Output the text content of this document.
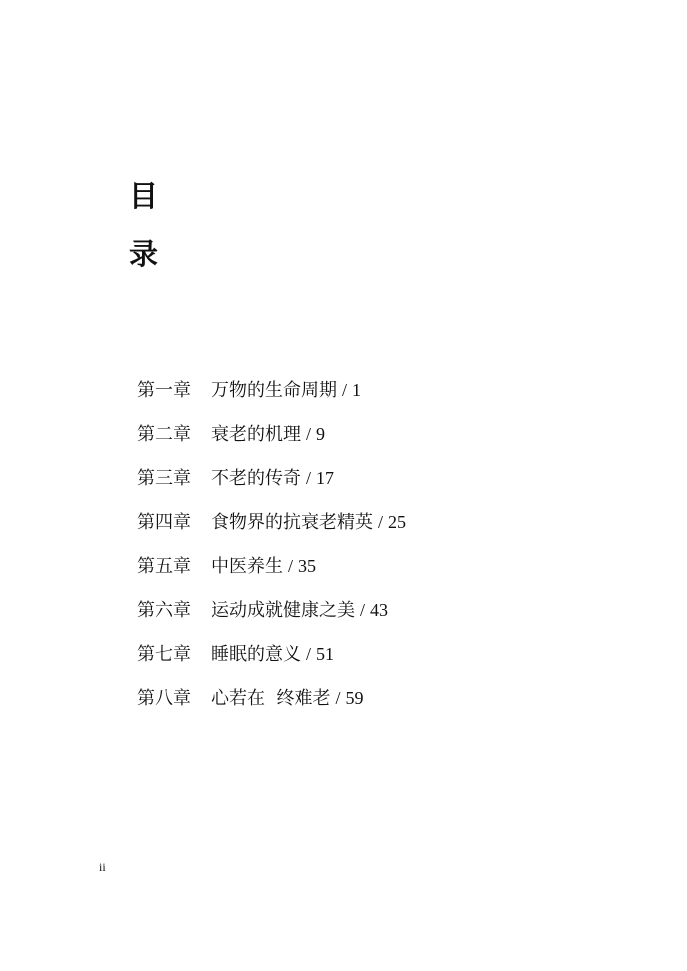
目
录
第一章	万物的生命周期 / 1
第二章	衰老的机理 / 9
第三章	不老的传奇 / 17
第四章	食物界的抗衰老精英 / 25
第五章	中医养生 / 35
第六章	运动成就健康之美 / 43
第七章	睡眠的意义 / 51
第八章	心若在  终难老 / 59
ii
